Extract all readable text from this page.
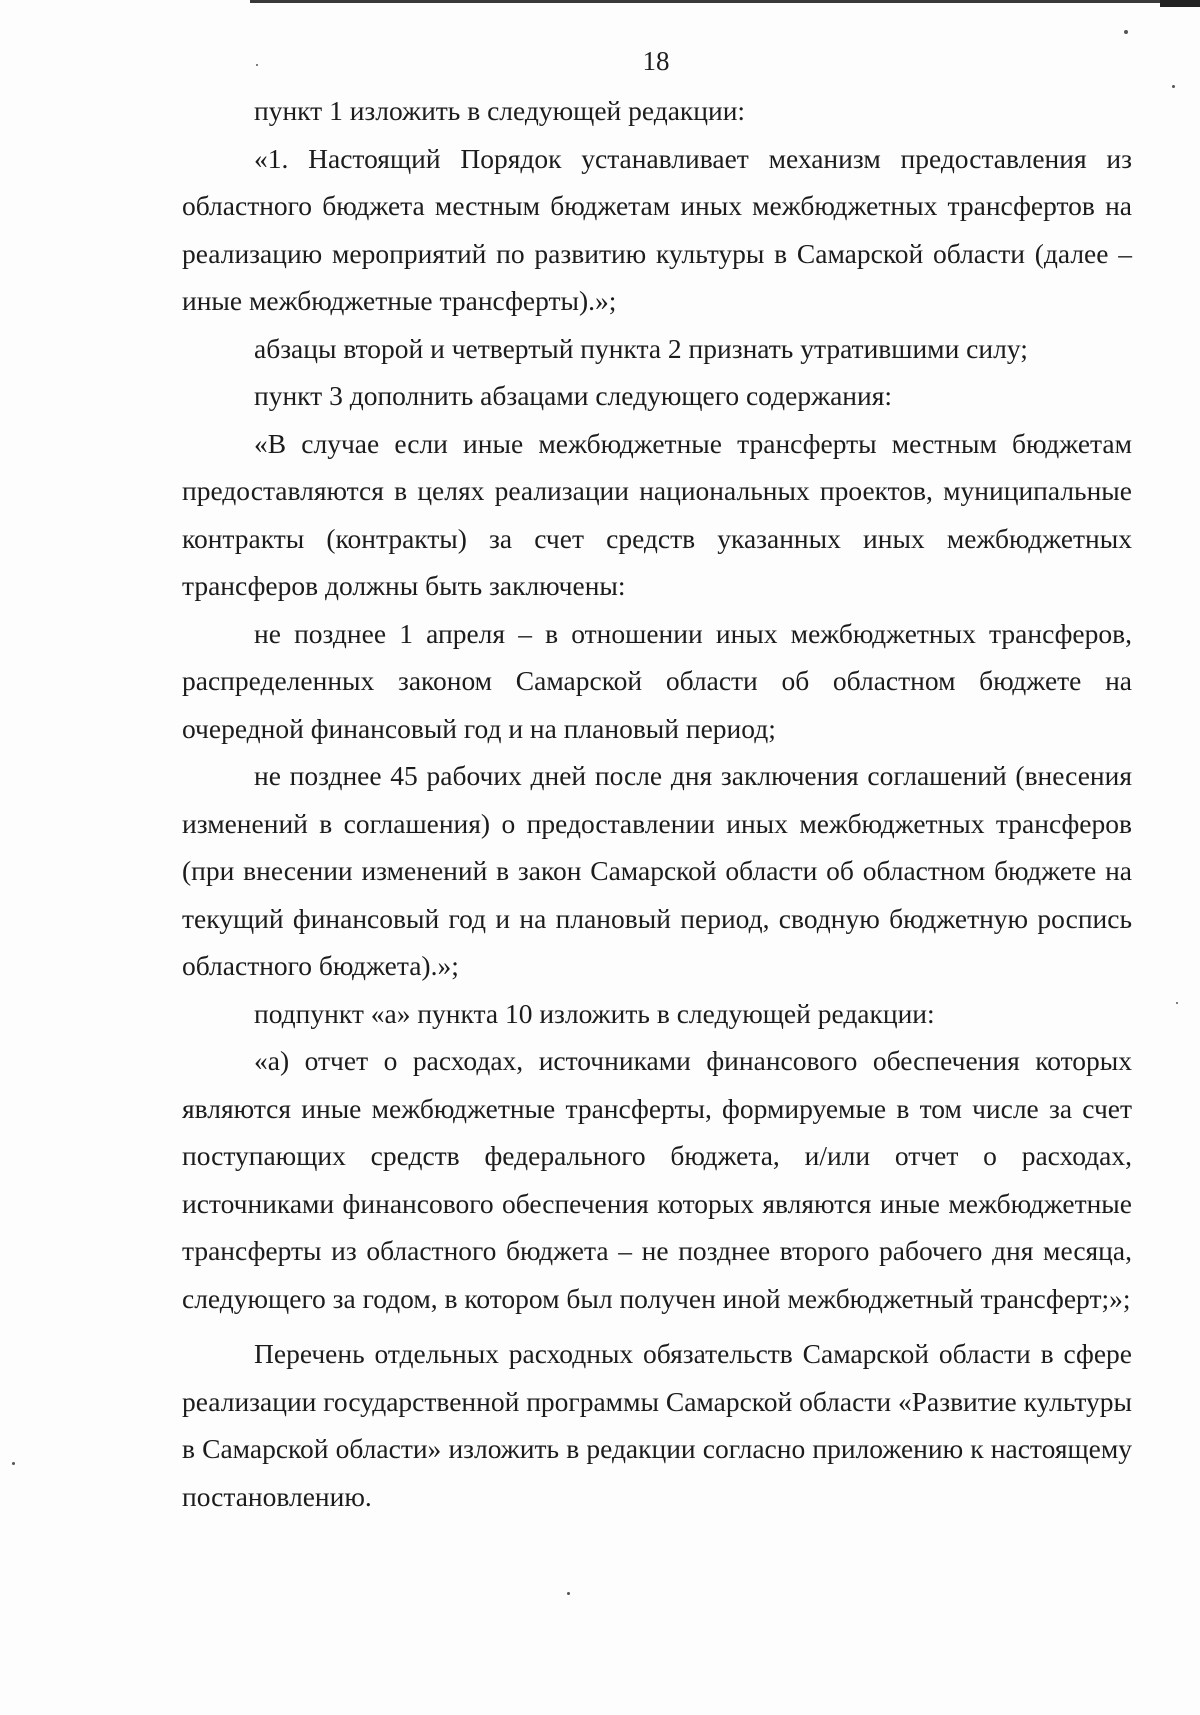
18

пункт 1 изложить в следующей редакции:

«1. Настоящий Порядок устанавливает механизм предоставления из областного бюджета местным бюджетам иных межбюджетных трансфертов на реализацию мероприятий по развитию культуры в Самарской области (далее – иные межбюджетные трансферты).»;

абзацы второй и четвертый пункта 2 признать утратившими силу;

пункт 3 дополнить абзацами следующего содержания:

«В случае если иные межбюджетные трансферты местным бюджетам предоставляются в целях реализации национальных проектов, муниципальные контракты (контракты) за счет средств указанных иных межбюджетных трансферов должны быть заключены:

не позднее 1 апреля – в отношении иных межбюджетных трансферов, распределенных законом Самарской области об областном бюджете на очередной финансовый год и на плановый период;

не позднее 45 рабочих дней после дня заключения соглашений (внесения изменений в соглашения) о предоставлении иных межбюджетных трансферов (при внесении изменений в закон Самарской области об областном бюджете на текущий финансовый год и на плановый период, сводную бюджетную роспись областного бюджета).»;

подпункт «а» пункта 10 изложить в следующей редакции:

«а) отчет о расходах, источниками финансового обеспечения которых являются иные межбюджетные трансферты, формируемые в том числе за счет поступающих средств федерального бюджета, и/или отчет о расходах, источниками финансового обеспечения которых являются иные межбюджетные трансферты из областного бюджета – не позднее второго рабочего дня месяца, следующего за годом, в котором был получен иной межбюджетный трансферт;»;

Перечень отдельных расходных обязательств Самарской области в сфере реализации государственной программы Самарской области «Развитие культуры в Самарской области» изложить в редакции согласно приложению к настоящему постановлению.
